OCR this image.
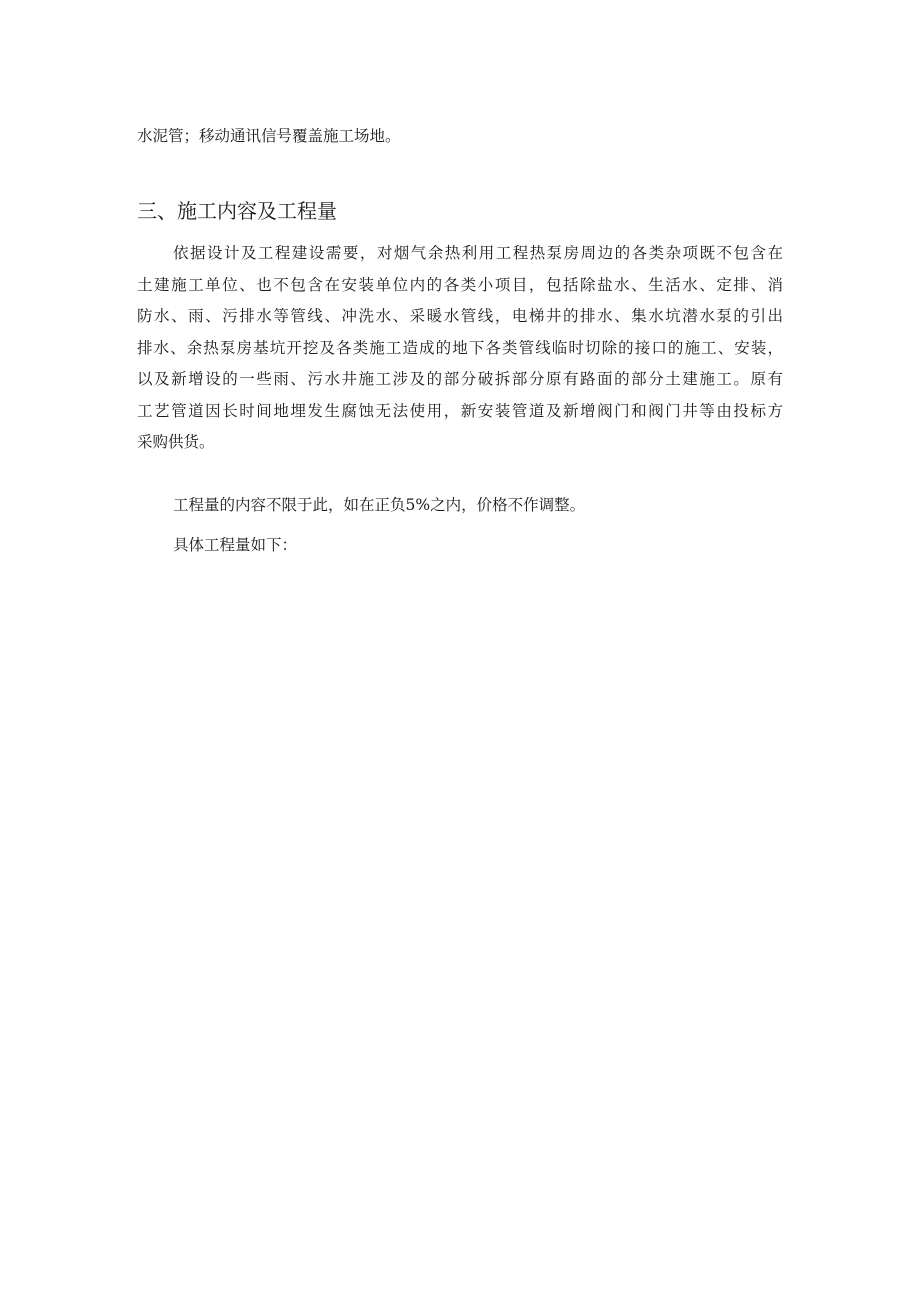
水泥管；移动通讯信号覆盖施工场地。
三、施工内容及工程量
依据设计及工程建设需要，对烟气余热利用工程热泵房周边的各类杂项既不包含在
土建施工单位、也不包含在安装单位内的各类小项目，包括除盐水、生活水、定排、消
防水、雨、污排水等管线、冲洗水、采暖水管线，电梯井的排水、集水坑潜水泵的引出
排水、余热泵房基坑开挖及各类施工造成的地下各类管线临时切除的接口的施工、安装，
以及新增设的一些雨、污水井施工涉及的部分破拆部分原有路面的部分土建施工。原有
工艺管道因长时间地埋发生腐蚀无法使用，新安装管道及新增阀门和阀门井等由投标方
采购供货。
工程量的内容不限于此，如在正负5%之内，价格不作调整。
具体工程量如下：
